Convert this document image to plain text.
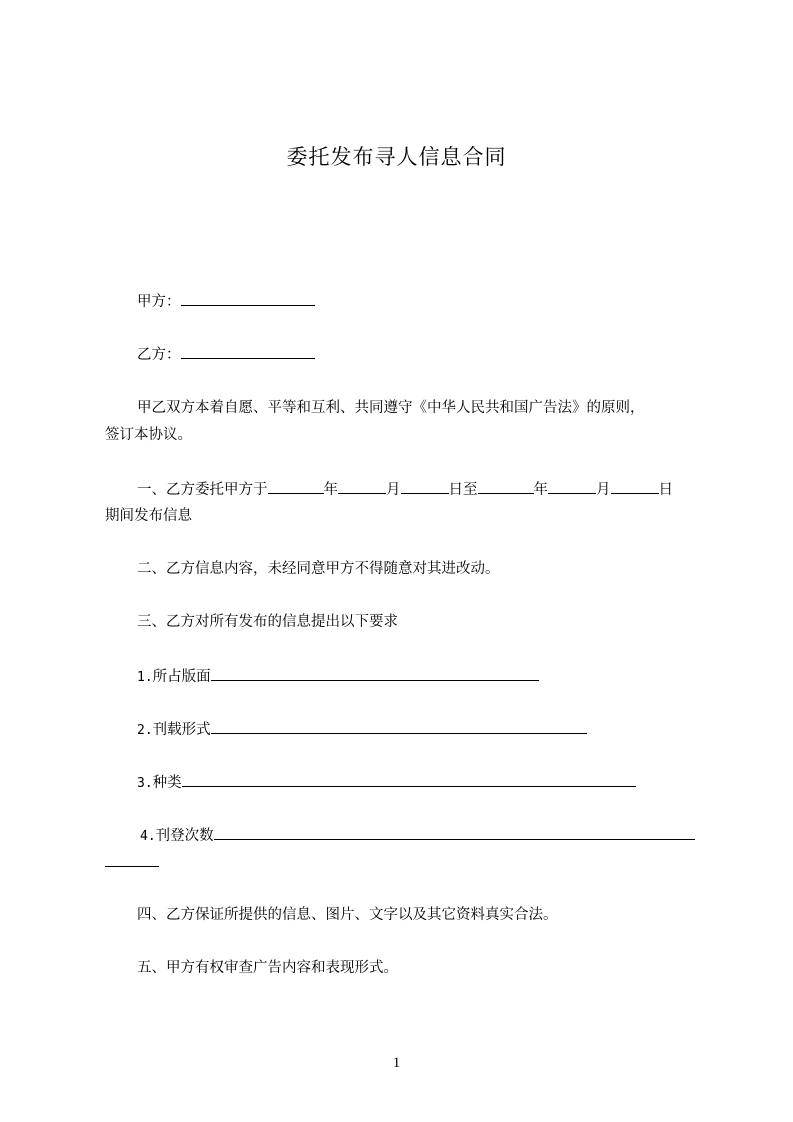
委托发布寻人信息合同
甲方：
乙方：
甲乙双方本着自愿、平等和互利、共同遵守《中华人民共和国广告法》的原则，
签订本协议。
一、乙方委托甲方于	年	月	日至	年	月	日
期间发布信息
二、乙方信息内容，未经同意甲方不得随意对其进改动。
三、乙方对所有发布的信息提出以下要求
1.所占版面
2.刊载形式
3.种类
4.刊登次数
四、乙方保证所提供的信息、图片、文字以及其它资料真实合法。
五、甲方有权审查广告内容和表现形式。
1
